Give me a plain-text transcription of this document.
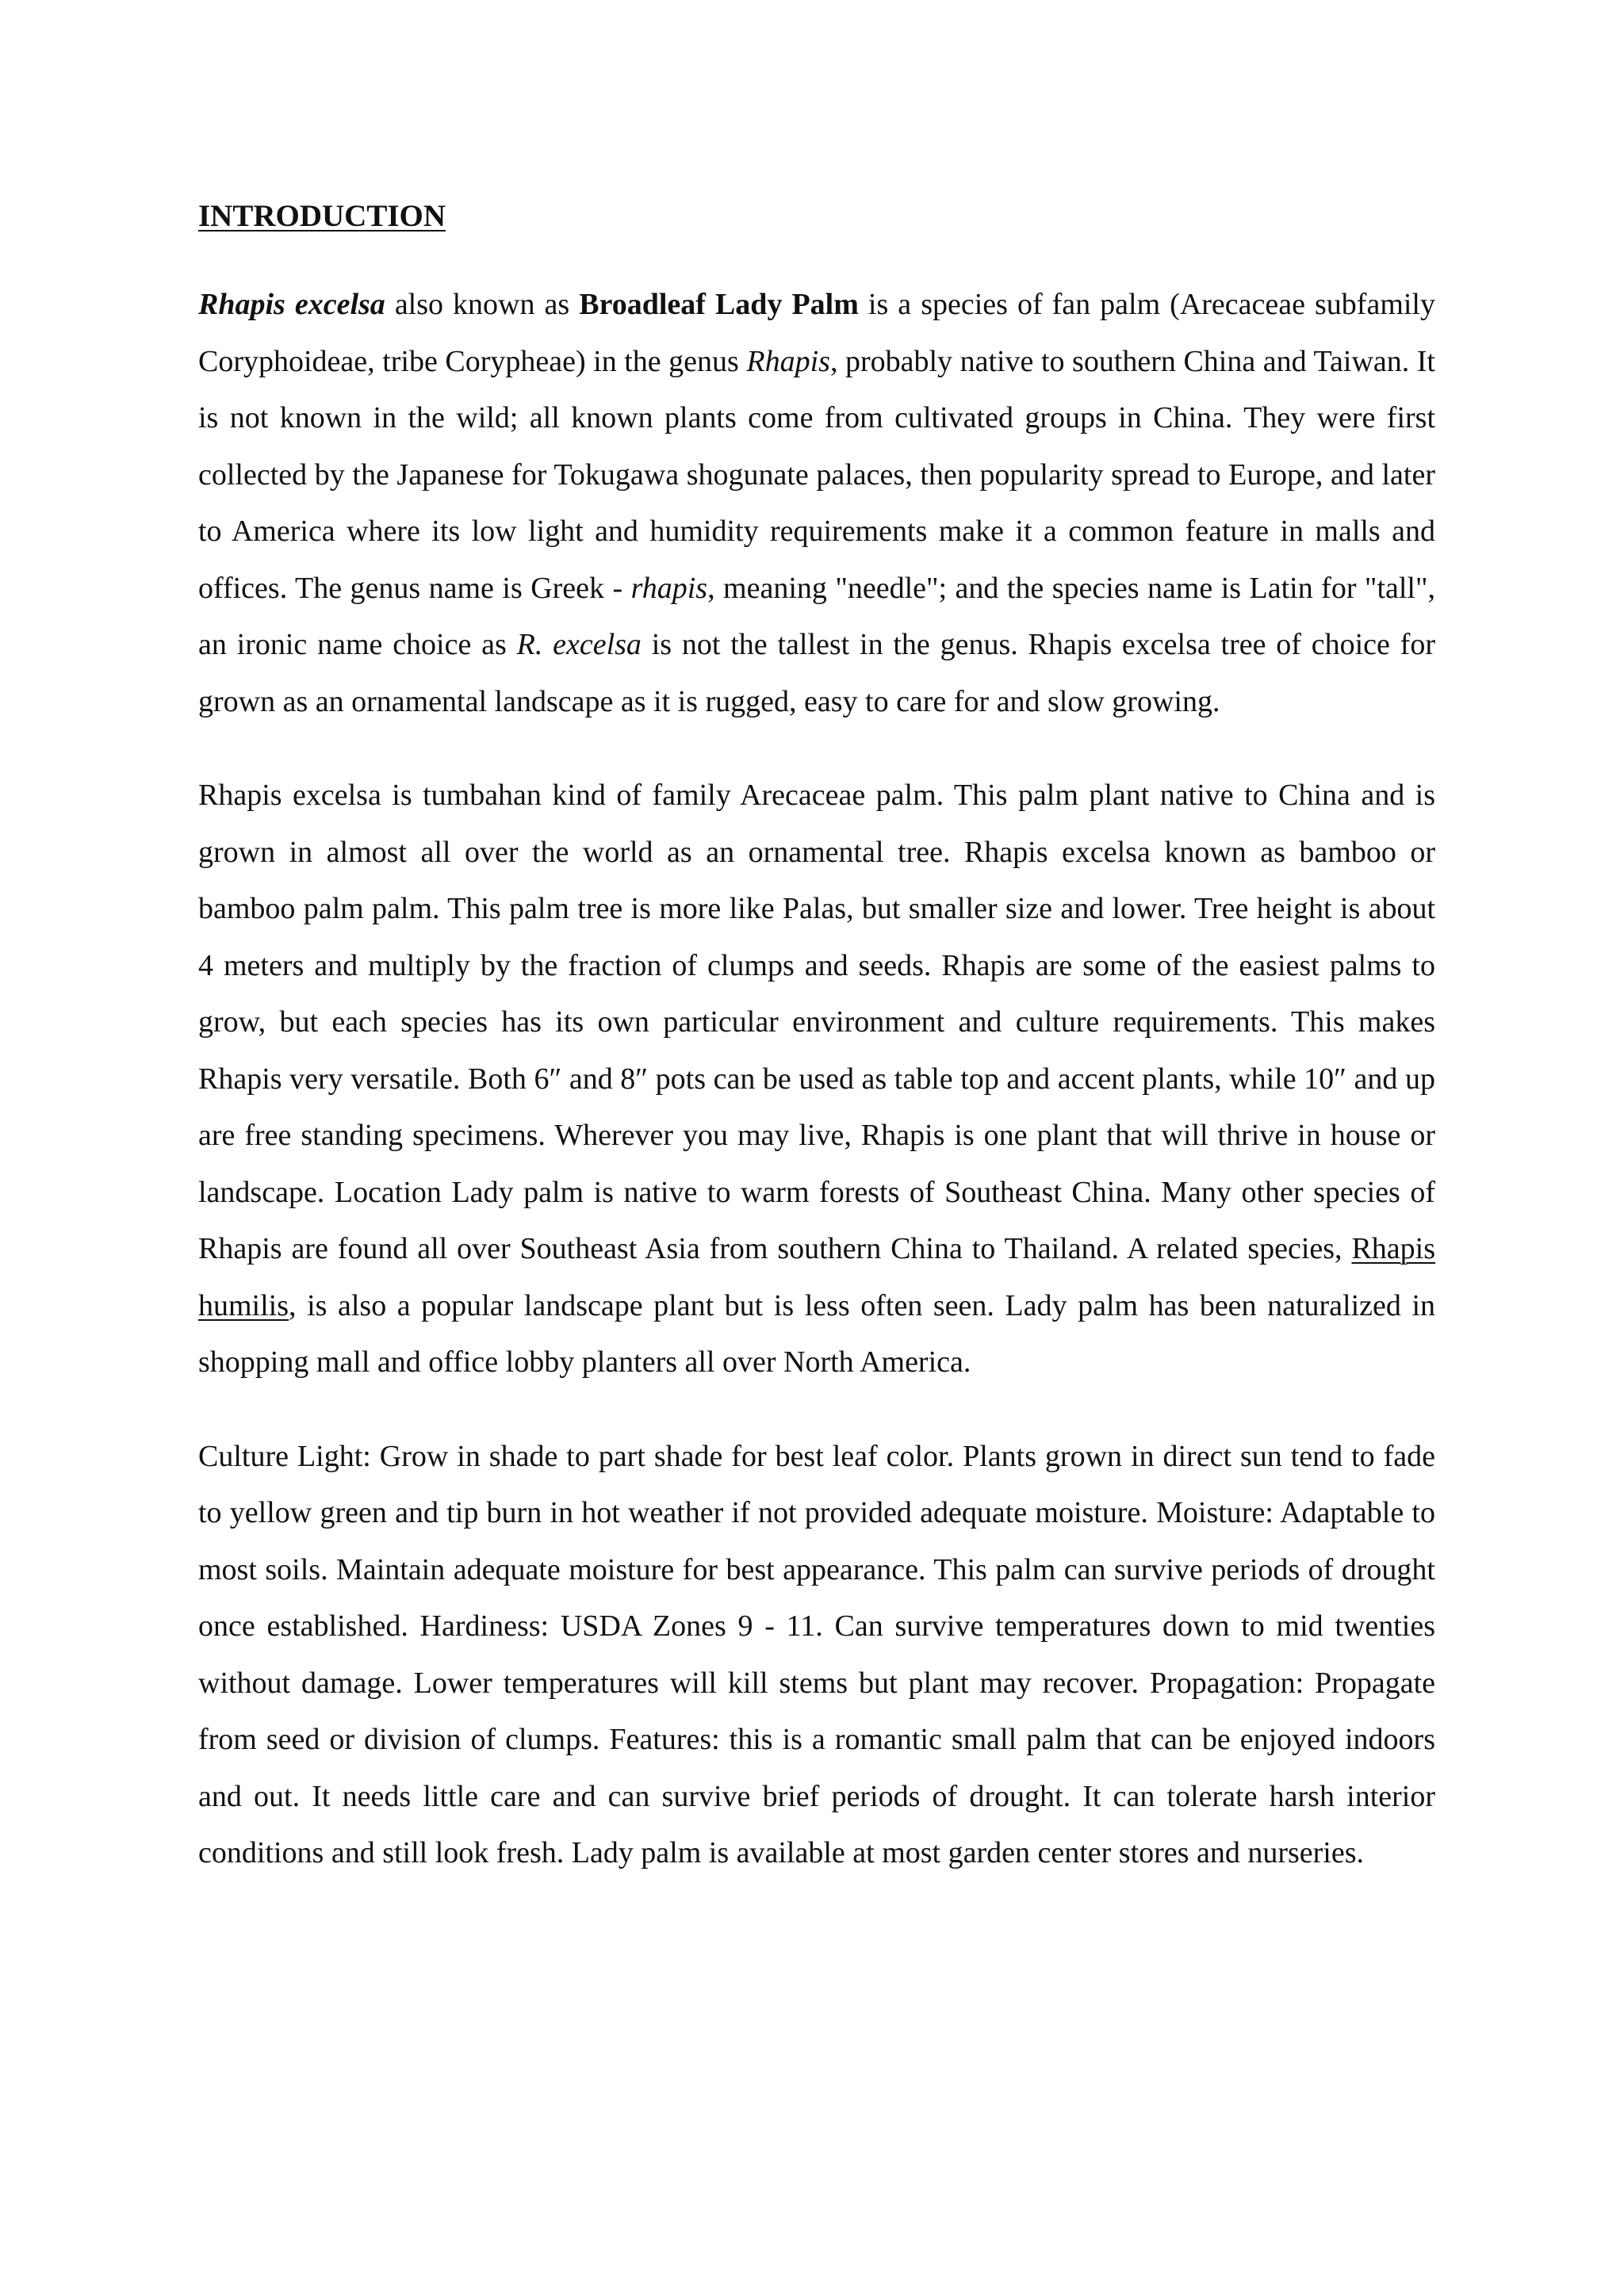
INTRODUCTION

Rhapis excelsa also known as Broadleaf Lady Palm is a species of fan palm (Arecaceae subfamily Coryphoideae, tribe Corypheae) in the genus Rhapis, probably native to southern China and Taiwan. It is not known in the wild; all known plants come from cultivated groups in China. They were first collected by the Japanese for Tokugawa shogunate palaces, then popularity spread to Europe, and later to America where its low light and humidity requirements make it a common feature in malls and offices. The genus name is Greek - rhapis, meaning "needle"; and the species name is Latin for "tall", an ironic name choice as R. excelsa is not the tallest in the genus. Rhapis excelsa tree of choice for grown as an ornamental landscape as it is rugged, easy to care for and slow growing.

Rhapis excelsa is tumbahan kind of family Arecaceae palm. This palm plant native to China and is grown in almost all over the world as an ornamental tree. Rhapis excelsa known as bamboo or bamboo palm palm. This palm tree is more like Palas, but smaller size and lower. Tree height is about 4 meters and multiply by the fraction of clumps and seeds. Rhapis are some of the easiest palms to grow, but each species has its own particular environment and culture requirements. This makes Rhapis very versatile. Both 6″ and 8″ pots can be used as table top and accent plants, while 10″ and up are free standing specimens. Wherever you may live, Rhapis is one plant that will thrive in house or landscape. Location Lady palm is native to warm forests of Southeast China. Many other species of Rhapis are found all over Southeast Asia from southern China to Thailand. A related species, Rhapis humilis, is also a popular landscape plant but is less often seen. Lady palm has been naturalized in shopping mall and office lobby planters all over North America.

Culture Light: Grow in shade to part shade for best leaf color. Plants grown in direct sun tend to fade to yellow green and tip burn in hot weather if not provided adequate moisture. Moisture: Adaptable to most soils. Maintain adequate moisture for best appearance. This palm can survive periods of drought once established. Hardiness: USDA Zones 9 - 11. Can survive temperatures down to mid twenties without damage. Lower temperatures will kill stems but plant may recover. Propagation: Propagate from seed or division of clumps. Features: this is a romantic small palm that can be enjoyed indoors and out. It needs little care and can survive brief periods of drought. It can tolerate harsh interior conditions and still look fresh. Lady palm is available at most garden center stores and nurseries.
